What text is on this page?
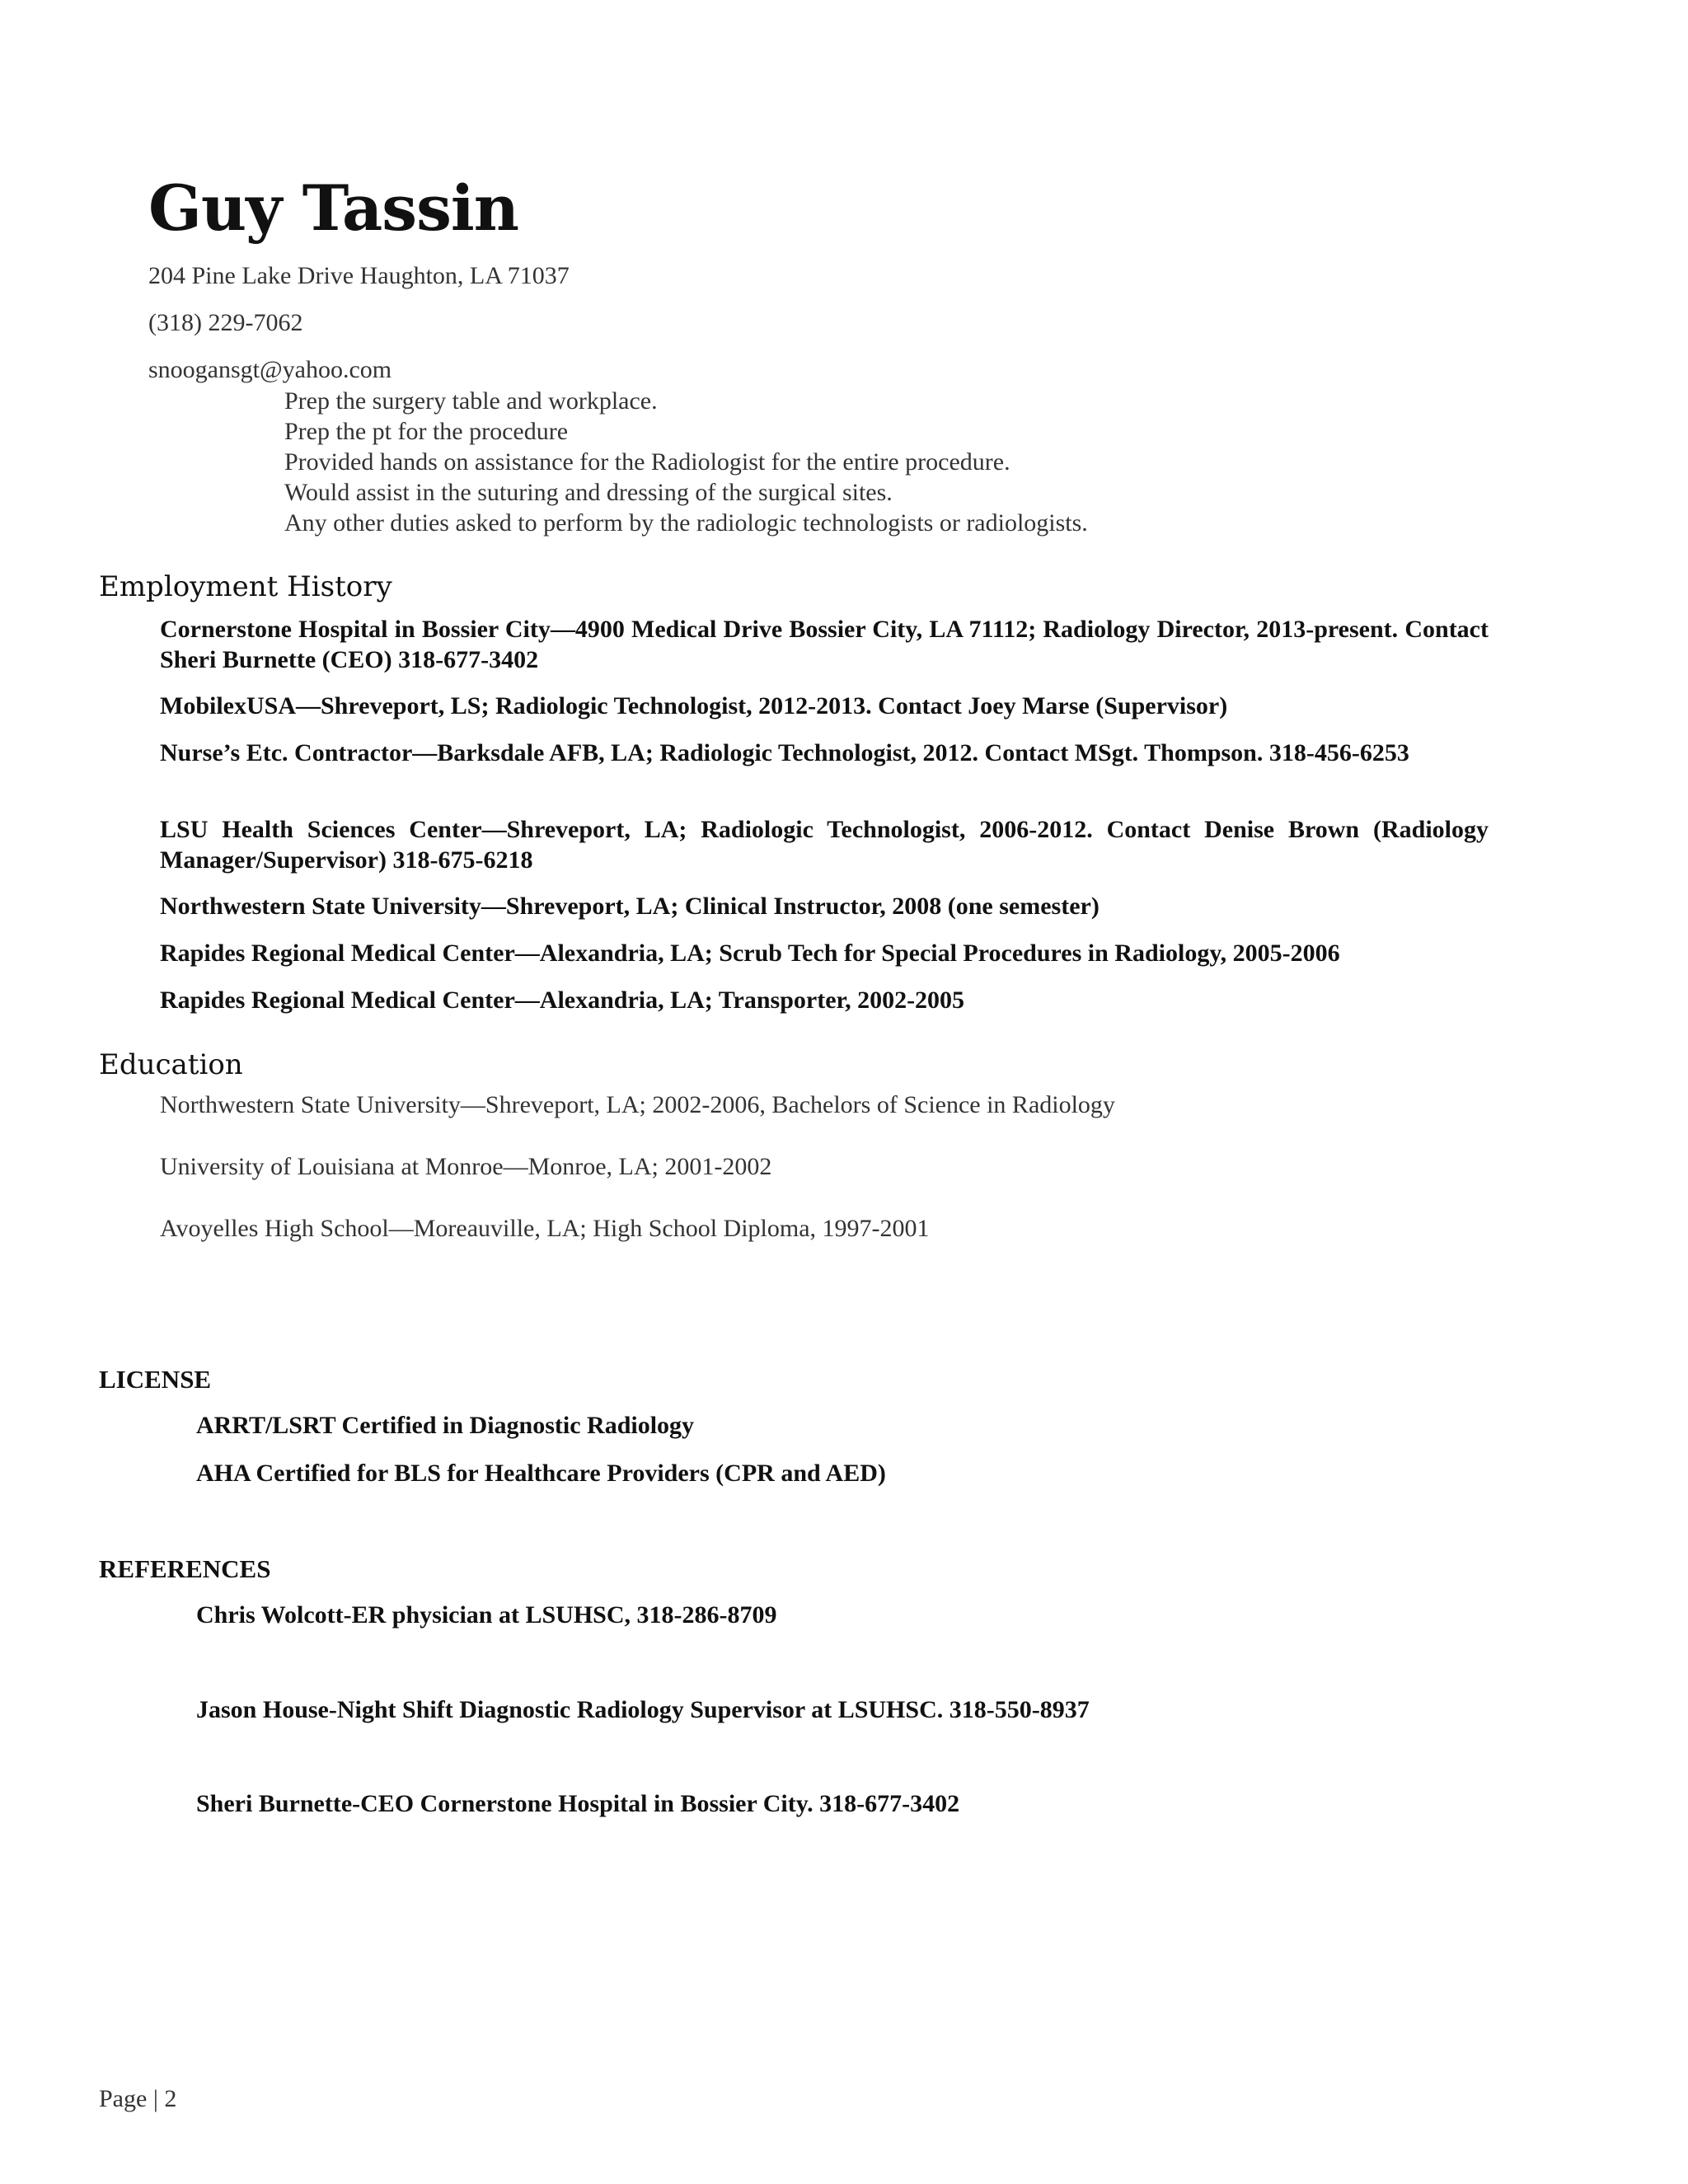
Guy Tassin
204 Pine Lake Drive Haughton, LA 71037
(318) 229-7062
snoogansgt@yahoo.com
Prep the surgery table and workplace.
Prep the pt for the procedure
Provided hands on assistance for the Radiologist for the entire procedure.
Would assist in the suturing and dressing of the surgical sites.
Any other duties asked to perform by the radiologic technologists or radiologists.
Employment History
Cornerstone Hospital in Bossier City—4900 Medical Drive Bossier City, LA 71112; Radiology Director, 2013-present. Contact Sheri Burnette (CEO) 318-677-3402
MobilexUSA—Shreveport, LS; Radiologic Technologist, 2012-2013. Contact Joey Marse (Supervisor)
Nurse’s Etc. Contractor—Barksdale AFB, LA; Radiologic Technologist, 2012. Contact MSgt. Thompson. 318-456-6253
LSU Health Sciences Center—Shreveport, LA; Radiologic Technologist, 2006-2012. Contact Denise Brown (Radiology Manager/Supervisor) 318-675-6218
Northwestern State University—Shreveport, LA; Clinical Instructor, 2008 (one semester)
Rapides Regional Medical Center—Alexandria, LA; Scrub Tech for Special Procedures in Radiology, 2005-2006
Rapides Regional Medical Center—Alexandria, LA; Transporter, 2002-2005
Education
Northwestern State University—Shreveport, LA; 2002-2006, Bachelors of Science in Radiology
University of Louisiana at Monroe—Monroe, LA; 2001-2002
Avoyelles High School—Moreauville, LA; High School Diploma, 1997-2001
LICENSE
ARRT/LSRT Certified in Diagnostic Radiology
AHA Certified for BLS for Healthcare Providers (CPR and AED)
REFERENCES
Chris Wolcott-ER physician at LSUHSC, 318-286-8709
Jason House-Night Shift Diagnostic Radiology Supervisor at LSUHSC. 318-550-8937
Sheri Burnette-CEO Cornerstone Hospital in Bossier City. 318-677-3402
Page | 2
